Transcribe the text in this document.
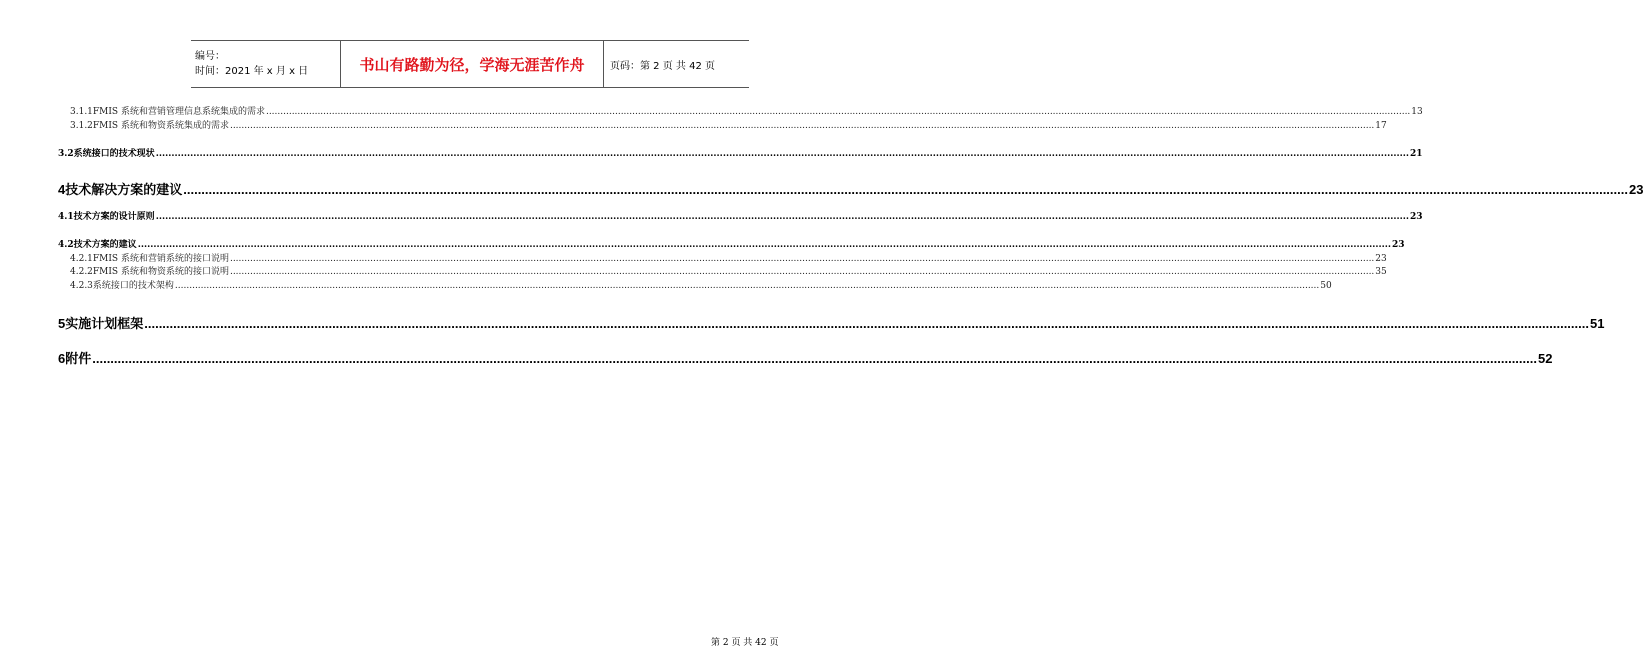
编号：
时间：2021 年 x 月 x 日	书山有路勤为径，学海无涯苦作舟	页码：第 2 页 共 42 页
3.1.1 FMIS 系统和营销管理信息系统集成的需求 ................................................................................................................................................................................................................................................................................................................................................................................................................ 13
3.1.2 FMIS 系统和物资系统集成的需求 ................................................................................................................................................................................................................................................................................................................................................................................................................ 17
3.2 系统接口的技术现状 ................................................................................................................................................................................................................................................................................................................................................................................................................ 21
4 技术解决方案的建议 ................................................................................................................................................................................................................................................................................................................................................................................................................ 23
4.1 技术方案的设计原则 ................................................................................................................................................................................................................................................................................................................................................................................................................ 23
4.2 技术方案的建议 ................................................................................................................................................................................................................................................................................................................................................................................................................ 23
4.2.1 FMIS 系统和营销系统的接口说明 ................................................................................................................................................................................................................................................................................................................................................................................................................ 23
4.2.2 FMIS 系统和物资系统的接口说明 ................................................................................................................................................................................................................................................................................................................................................................................................................ 35
4.2.3 系统接口的技术架构 ................................................................................................................................................................................................................................................................................................................................................................................................................ 50
5 实施计划框架 ................................................................................................................................................................................................................................................................................................................................................................................................................ 51
6 附件 ................................................................................................................................................................................................................................................................................................................................................................................................................ 52
第 2 页 共 42 页
